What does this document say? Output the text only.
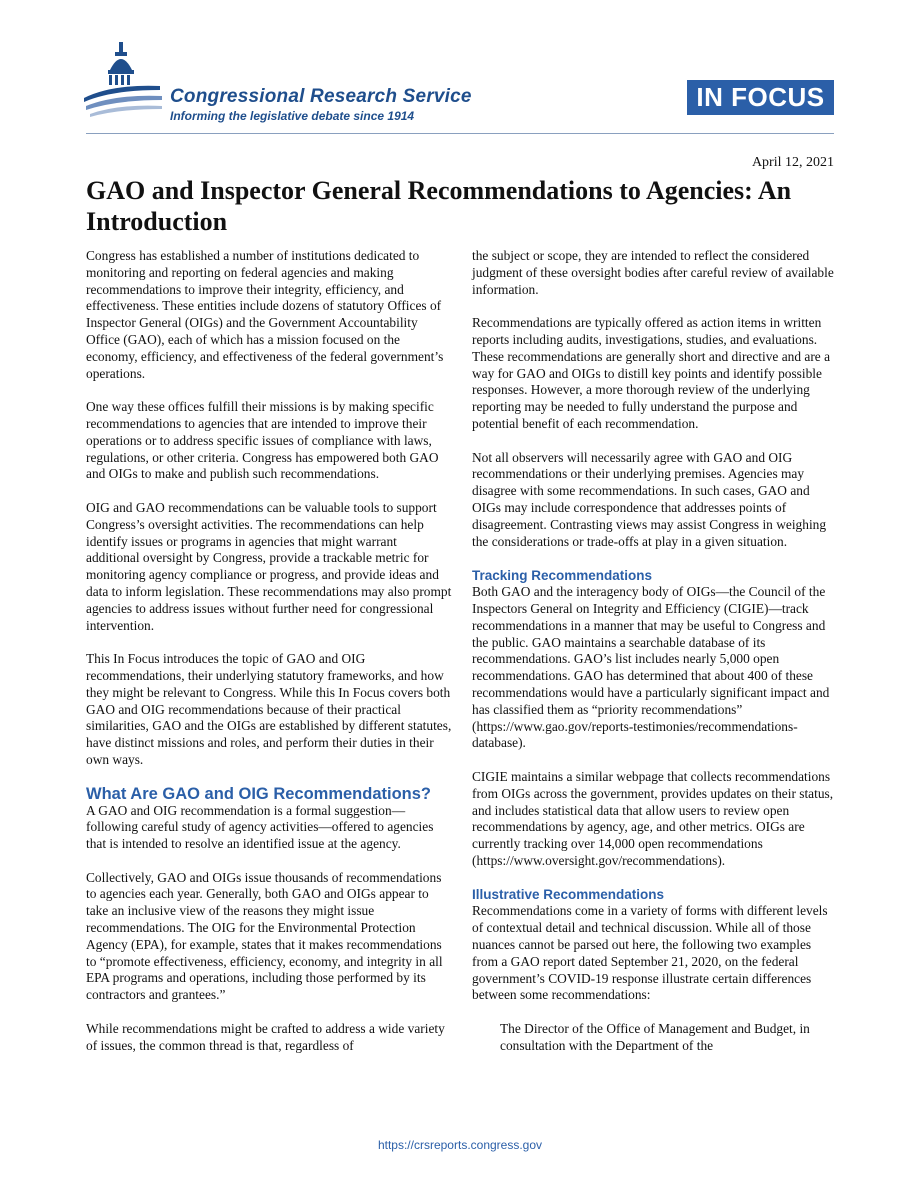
Congressional Research Service
Informing the legislative debate since 1914
IN FOCUS
April 12, 2021
GAO and Inspector General Recommendations to Agencies: An Introduction

Congress has established a number of institutions dedicated to monitoring and reporting on federal agencies and making recommendations to improve their integrity, efficiency, and effectiveness. These entities include dozens of statutory Offices of Inspector General (OIGs) and the Government Accountability Office (GAO), each of which has a mission focused on the economy, efficiency, and effectiveness of the federal government’s operations.

One way these offices fulfill their missions is by making specific recommendations to agencies that are intended to improve their operations or to address specific issues of compliance with laws, regulations, or other criteria. Congress has empowered both GAO and OIGs to make and publish such recommendations.

OIG and GAO recommendations can be valuable tools to support Congress’s oversight activities. The recommendations can help identify issues or programs in agencies that might warrant additional oversight by Congress, provide a trackable metric for monitoring agency compliance or progress, and provide ideas and data to inform legislation. These recommendations may also prompt agencies to address issues without further need for congressional intervention.

This In Focus introduces the topic of GAO and OIG recommendations, their underlying statutory frameworks, and how they might be relevant to Congress. While this In Focus covers both GAO and OIG recommendations because of their practical similarities, GAO and the OIGs are established by different statutes, have distinct missions and roles, and perform their duties in their own ways.

What Are GAO and OIG Recommendations?

A GAO and OIG recommendation is a formal suggestion—following careful study of agency activities—offered to agencies that is intended to resolve an identified issue at the agency.

Collectively, GAO and OIGs issue thousands of recommendations to agencies each year. Generally, both GAO and OIGs appear to take an inclusive view of the reasons they might issue recommendations. The OIG for the Environmental Protection Agency (EPA), for example, states that it makes recommendations to “promote effectiveness, efficiency, economy, and integrity in all EPA programs and operations, including those performed by its contractors and grantees.”

While recommendations might be crafted to address a wide variety of issues, the common thread is that, regardless of

the subject or scope, they are intended to reflect the considered judgment of these oversight bodies after careful review of available information.

Recommendations are typically offered as action items in written reports including audits, investigations, studies, and evaluations. These recommendations are generally short and directive and are a way for GAO and OIGs to distill key points and identify possible responses. However, a more thorough review of the underlying reporting may be needed to fully understand the purpose and potential benefit of each recommendation.

Not all observers will necessarily agree with GAO and OIG recommendations or their underlying premises. Agencies may disagree with some recommendations. In such cases, GAO and OIGs may include correspondence that addresses points of disagreement. Contrasting views may assist Congress in weighing the considerations or trade-offs at play in a given situation.

Tracking Recommendations

Both GAO and the interagency body of OIGs—the Council of the Inspectors General on Integrity and Efficiency (CIGIE)—track recommendations in a manner that may be useful to Congress and the public. GAO maintains a searchable database of its recommendations. GAO’s list includes nearly 5,000 open recommendations. GAO has determined that about 400 of these recommendations would have a particularly significant impact and has classified them as “priority recommendations” (https://www.gao.gov/reports-testimonies/recommendations-database).

CIGIE maintains a similar webpage that collects recommendations from OIGs across the government, provides updates on their status, and includes statistical data that allow users to review open recommendations by agency, age, and other metrics. OIGs are currently tracking over 14,000 open recommendations (https://www.oversight.gov/recommendations).

Illustrative Recommendations

Recommendations come in a variety of forms with different levels of contextual detail and technical discussion. While all of those nuances cannot be parsed out here, the following two examples from a GAO report dated September 21, 2020, on the federal government’s COVID-19 response illustrate certain differences between some recommendations:

The Director of the Office of Management and Budget, in consultation with the Department of the

https://crsreports.congress.gov
